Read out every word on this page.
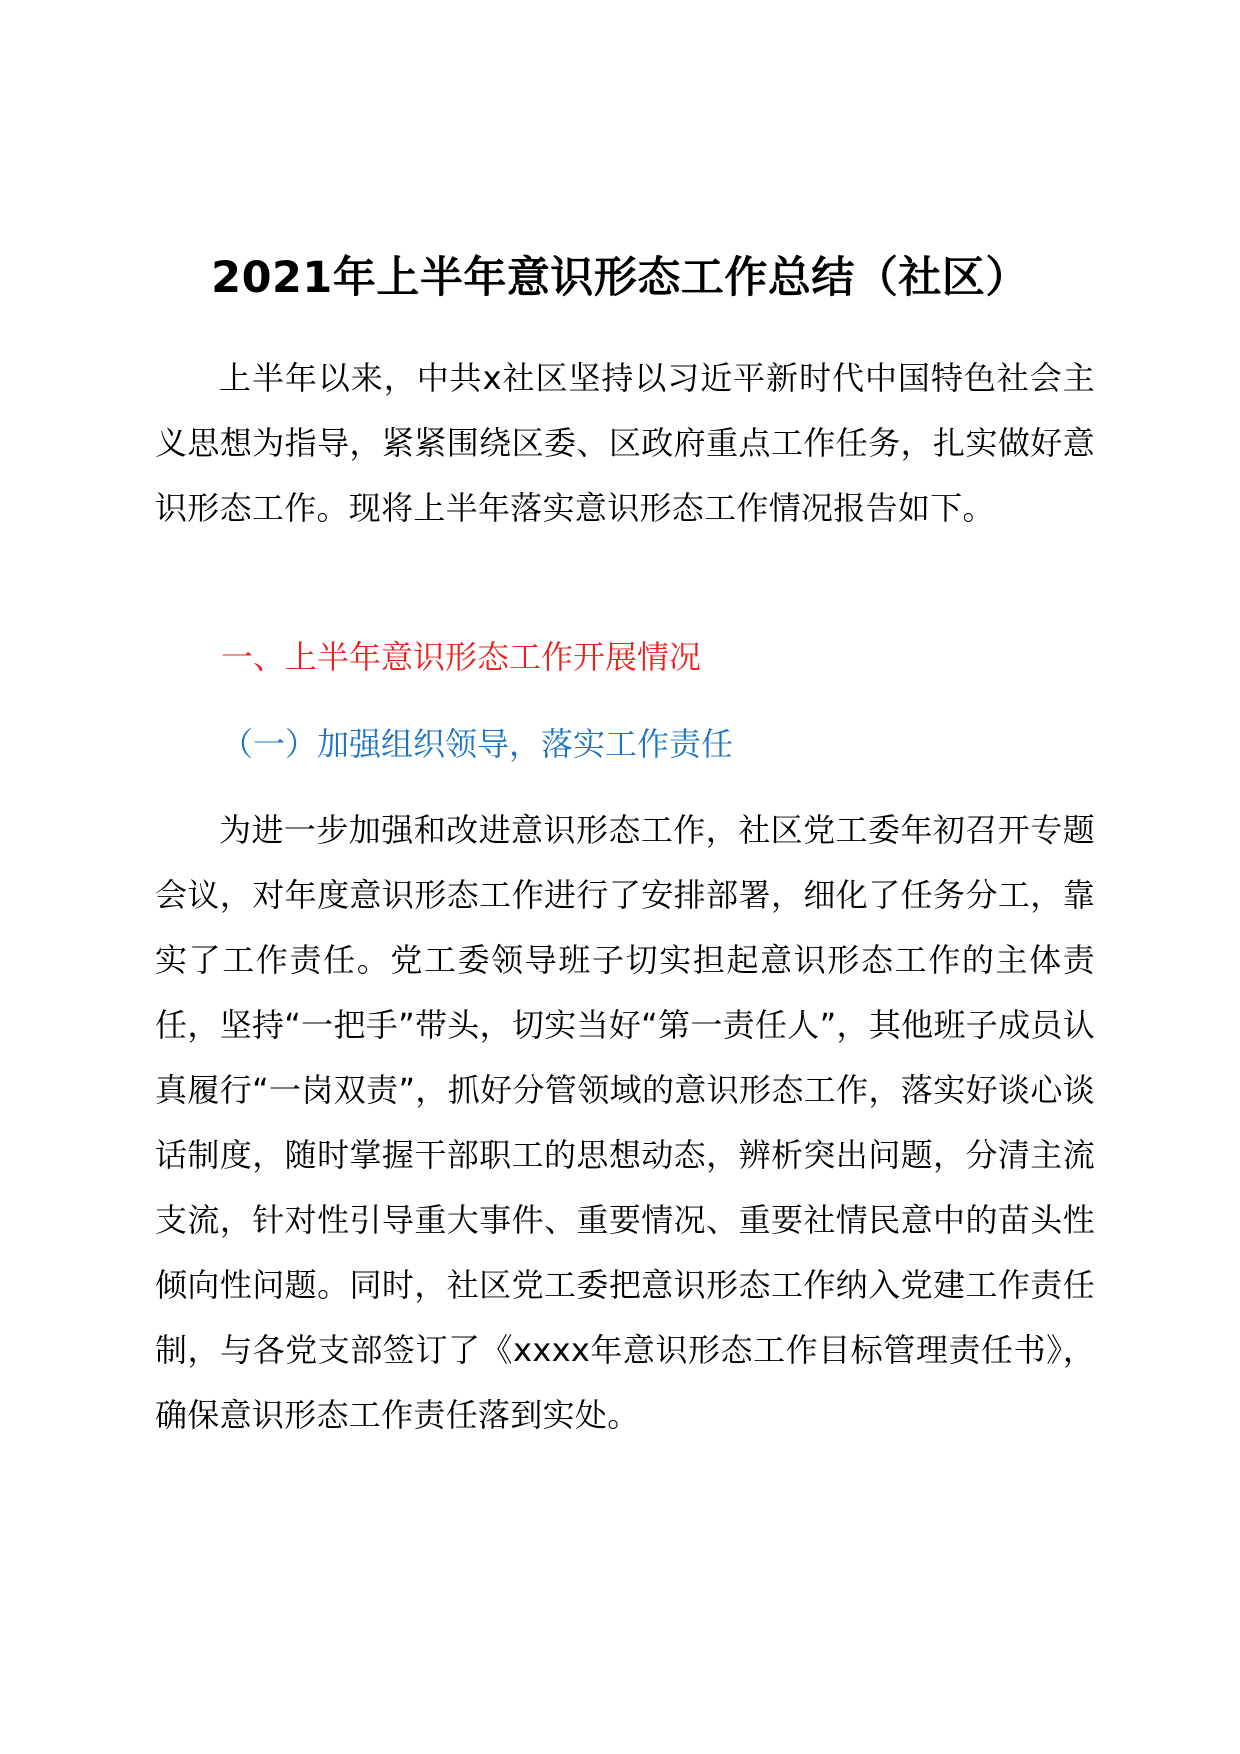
2021年上半年意识形态工作总结（社区）

上半年以来，中共x社区坚持以习近平新时代中国特色社会主义思想为指导，紧紧围绕区委、区政府重点工作任务，扎实做好意识形态工作。现将上半年落实意识形态工作情况报告如下。

一、上半年意识形态工作开展情况
（一）加强组织领导，落实工作责任

为进一步加强和改进意识形态工作，社区党工委年初召开专题会议，对年度意识形态工作进行了安排部署，细化了任务分工，靠实了工作责任。党工委领导班子切实担起意识形态工作的主体责任，坚持“一把手”带头，切实当好“第一责任人”，其他班子成员认真履行“一岗双责”，抓好分管领域的意识形态工作，落实好谈心谈话制度，随时掌握干部职工的思想动态，辨析突出问题，分清主流支流，针对性引导重大事件、重要情况、重要社情民意中的苗头性倾向性问题。同时，社区党工委把意识形态工作纳入党建工作责任制，与各党支部签订了《xxxx年意识形态工作目标管理责任书》，确保意识形态工作责任落到实处。
